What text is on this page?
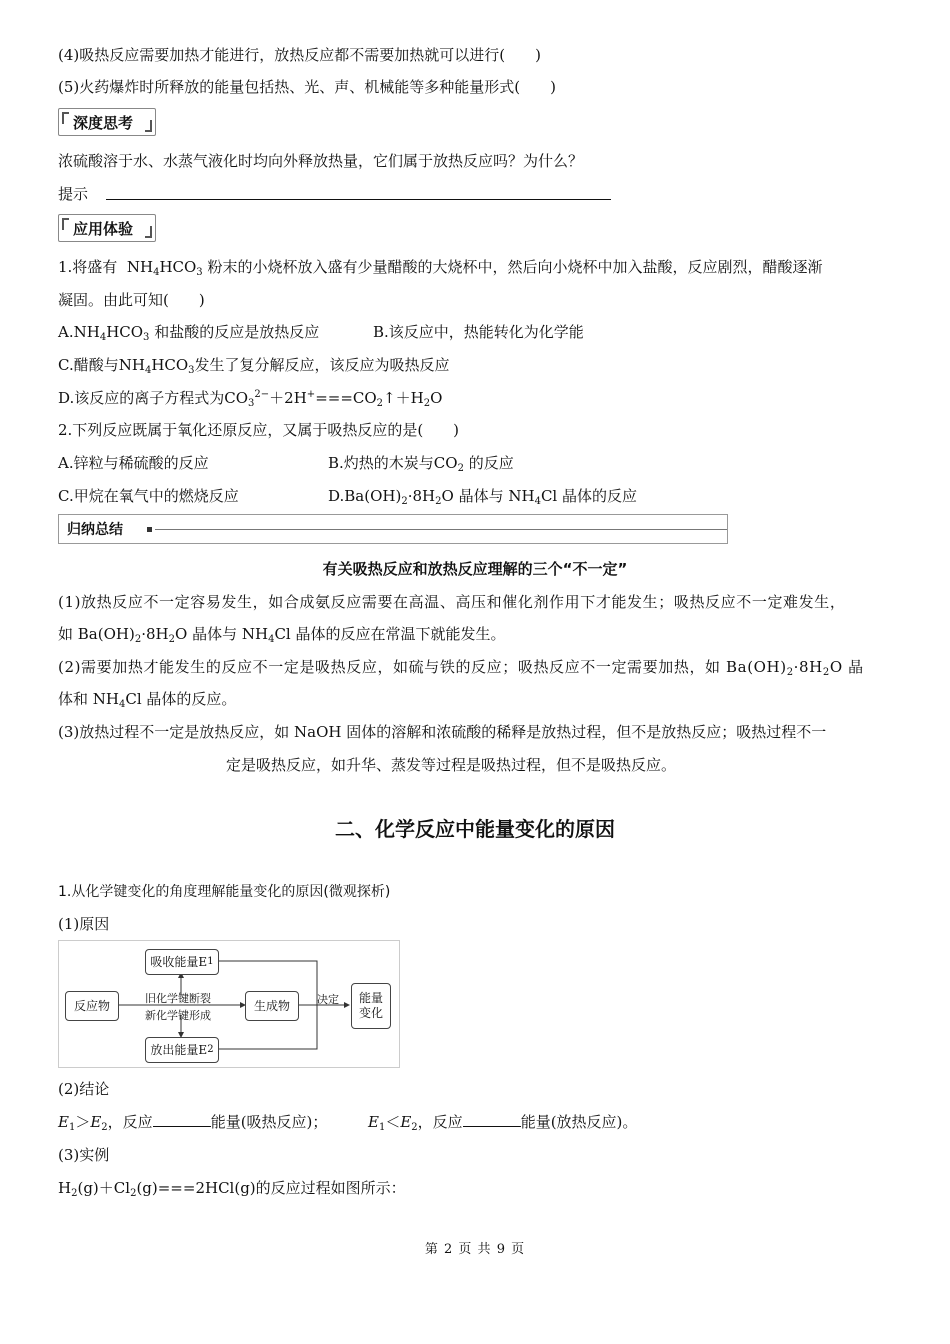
(4)吸热反应需要加热才能进行，放热反应都不需要加热就可以进行(　　)
(5)火药爆炸时所释放的能量包括热、光、声、机械能等多种能量形式(　　)
深度思考
浓硫酸溶于水、水蒸气液化时均向外释放热量，它们属于放热反应吗？为什么？
提示
应用体验
1.将盛有  $NH_4HCO_3$ 粉末的小烧杯放入盛有少量醋酸的大烧杯中，然后向小烧杯中加入盐酸，反应剧烈，醋酸逐渐
凝固。由此可知(　　)
$A.NH_4HCO_3$ 和盐酸的反应是放热反应	B.该反应中，热能转化为化学能
C.醋酸与$NH_4HCO_3$发生了复分解反应，该反应为吸热反应
D.该反应的离子方程式为$CO_3^{2-}+2H^+===CO_2↑+H_2O$
2.下列反应既属于氧化还原反应，又属于吸热反应的是(　　)
A.锌粒与稀硫酸的反应	B.灼热的木炭与$CO_2$ 的反应
C.甲烷在氧气中的燃烧反应	$D.Ba(OH)_2\cdot 8H_2O$ 晶体与 $NH_4Cl$ 晶体的反应
归纳总结
有关吸热反应和放热反应理解的三个“不一定”
(1)放热反应不一定容易发生，如合成氨反应需要在高温、高压和催化剂作用下才能发生；吸热反应不一定难发生，
如 $Ba(OH)_2\cdot 8H_2O$ 晶体与 $NH_4Cl$ 晶体的反应在常温下就能发生。
(2)需要加热才能发生的反应不一定是吸热反应，如硫与铁的反应；吸热反应不一定需要加热，如 $Ba(OH)_2\cdot 8H_2O$ 晶
体和 $NH_4Cl$ 晶体的反应。
(3)放热过程不一定是放热反应，如 NaOH 固体的溶解和浓硫酸的稀释是放热过程，但不是放热反应；吸热过程不一
定是吸热反应，如升华、蒸发等过程是吸热过程，但不是吸热反应。
二、化学反应中能量变化的原因
1.从化学键变化的角度理解能量变化的原因(微观探析)
(1)原因
反应物
吸收能量E 1
旧化学键断裂
新化学键形成
放出能量E 2
生成物	决定 能量
变化
(2)结论
$E_1>E_2$，反应	能量(吸热反应)；	$E_1<E_2$，反应	能量(放热反应)。
(3)实例
$H_2(g)+Cl_2(g)===2HCl(g)$的反应过程如图所示：
第 2 页 共 9 页
